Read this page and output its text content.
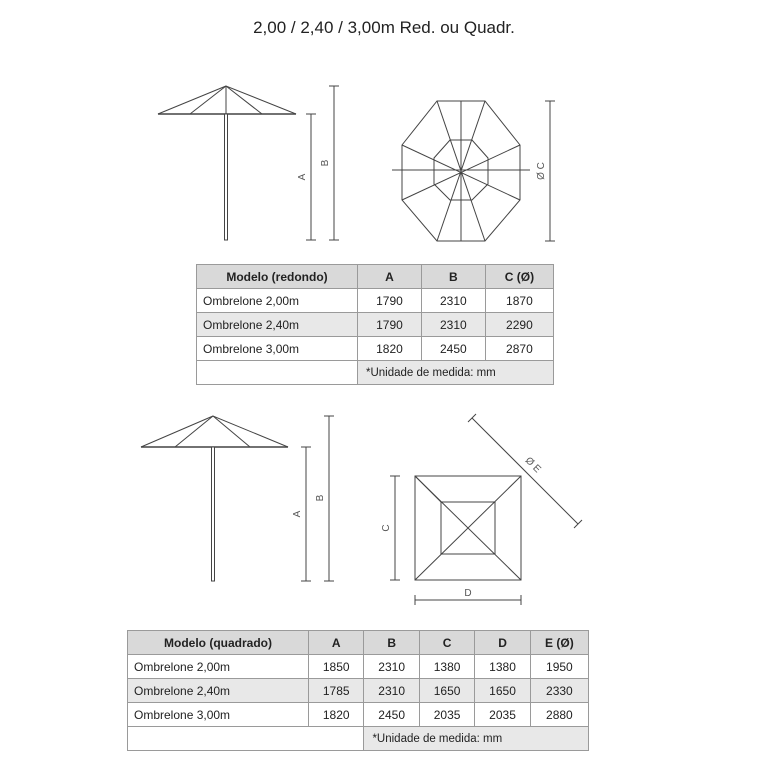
2,00 / 2,40 / 3,00m Red. ou Quadr.
A
B	Ø C
A
B
C
D
Ø E
Modelo (redondo)	A	B	C (Ø)
Ombrelone 2,00m	1790	2310	1870
Ombrelone 2,40m	1790	2310	2290
Ombrelone 3,00m	1820	2450	2870
	*Unidade de medida: mm		
Modelo (quadrado)	A	B	C	D	E (Ø)
Ombrelone 2,00m	1850	2310	1380	1380	1950
Ombrelone 2,40m	1785	2310	1650	1650	2330
Ombrelone 3,00m	1820	2450	2035	2035	2880
		*Unidade de medida: mm			
